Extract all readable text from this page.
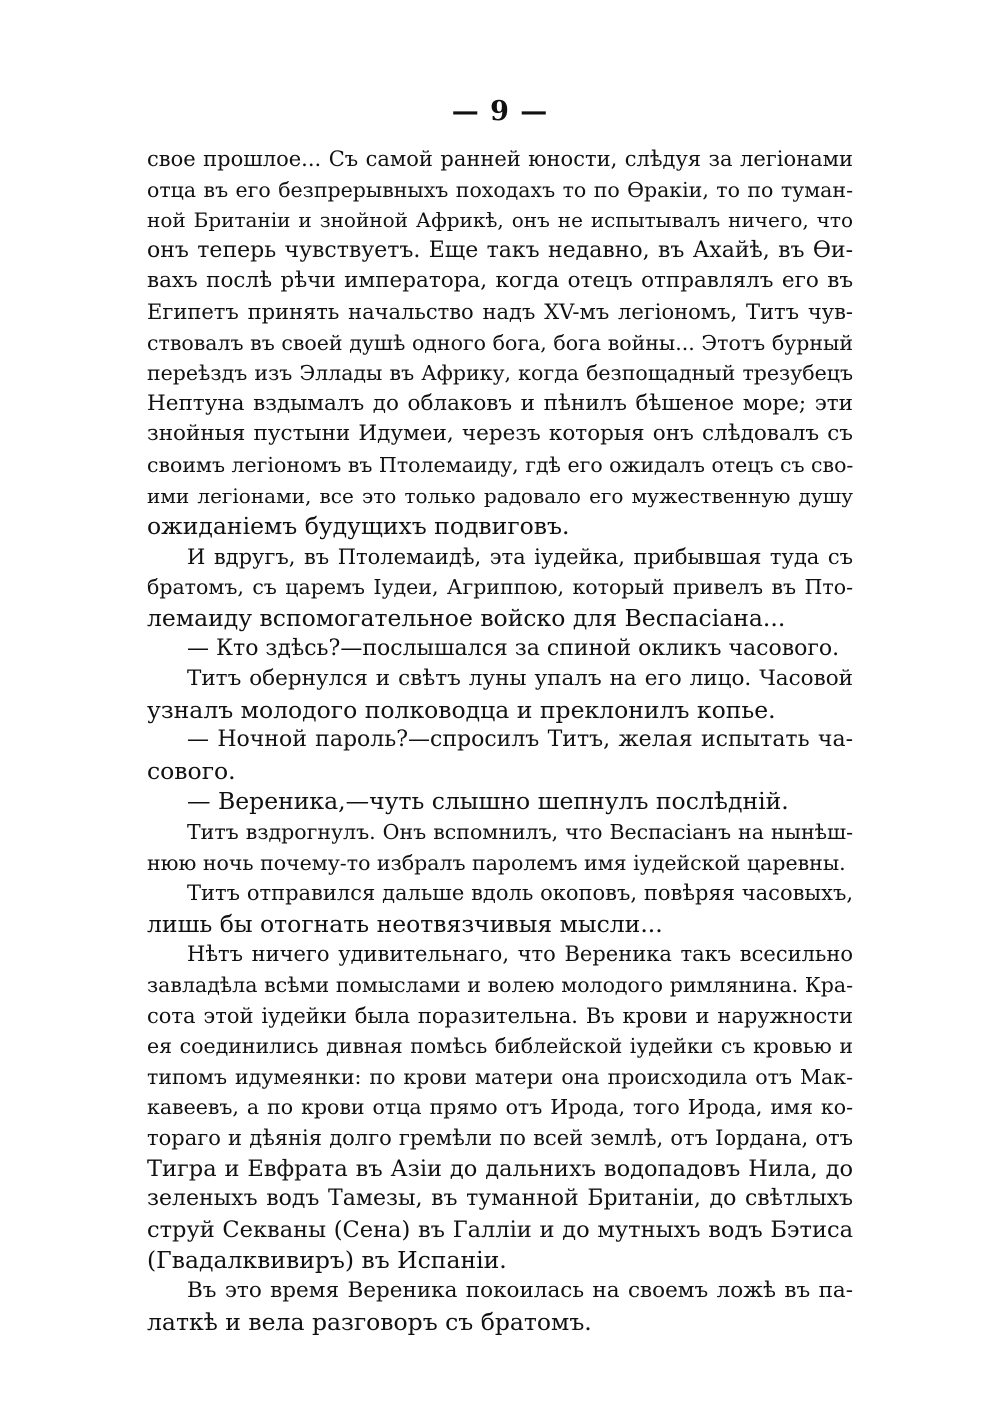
— 9 —
свое прошлое... Съ самой ранней юности, слѣдуя за легіонами
отца въ его безпрерывныхъ походахъ то по Ѳракіи, то по туман-
ной Британіи и знойной Африкѣ, онъ не испытывалъ ничего, что
онъ теперь чувствуетъ. Еще такъ недавно, въ Ахайѣ, въ Ѳи-
вахъ послѣ рѣчи императора, когда отецъ отправлялъ его въ
Египетъ принять начальство надъ XV-мъ легіономъ, Титъ чув-
ствовалъ въ своей душѣ одного бога, бога войны... Этотъ бурный
переѣздъ изъ Эллады въ Африку, когда безпощадный трезубецъ
Нептуна вздымалъ до облаковъ и пѣнилъ бѣшеное море; эти
знойныя пустыни Идумеи, черезъ которыя онъ слѣдовалъ съ
своимъ легіономъ въ Птолемаиду, гдѣ его ожидалъ отецъ съ сво-
ими легіонами, все это только радовало его мужественную душу
ожиданіемъ будущихъ подвиговъ.
И вдругъ, въ Птолемаидѣ, эта іудейка, прибывшая туда съ
братомъ, съ царемъ Іудеи, Агриппою, который привелъ въ Пто-
лемаиду вспомогательное войско для Веспасіана...
— Кто здѣсь?—послышался за спиной окликъ часового.
Титъ обернулся и свѣтъ луны упалъ на его лицо. Часовой
узналъ молодого полководца и преклонилъ копье.
— Ночной пароль?—спросилъ Титъ, желая испытать ча-
сового.
— Вереника,—чуть слышно шепнулъ послѣдній.
Титъ вздрогнулъ. Онъ вспомнилъ, что Веспасіанъ на нынѣш-
нюю ночь почему-то избралъ паролемъ имя іудейской царевны.
Титъ отправился дальше вдоль окоповъ, повѣряя часовыхъ,
лишь бы отогнать неотвязчивыя мысли...
Нѣтъ ничего удивительнаго, что Вереника такъ всесильно
завладѣла всѣми помыслами и волею молодого римлянина. Кра-
сота этой іудейки была поразительна. Въ крови и наружности
ея соединились дивная помѣсь библейской іудейки съ кровью и
типомъ идумеянки: по крови матери она происходила отъ Мак-
кавеевъ, а по крови отца прямо отъ Ирода, того Ирода, имя ко-
тораго и дѣянія долго гремѣли по всей землѣ, отъ Іордана, отъ
Тигра и Евфрата въ Азіи до дальнихъ водопадовъ Нила, до
зеленыхъ водъ Тамезы, въ туманной Британіи, до свѣтлыхъ
струй Секваны (Сена) въ Галліи и до мутныхъ водъ Бэтиса
(Гвадалквивиръ) въ Испаніи.
Въ это время Вереника покоилась на своемъ ложѣ въ па-
латкѣ и вела разговоръ съ братомъ.
